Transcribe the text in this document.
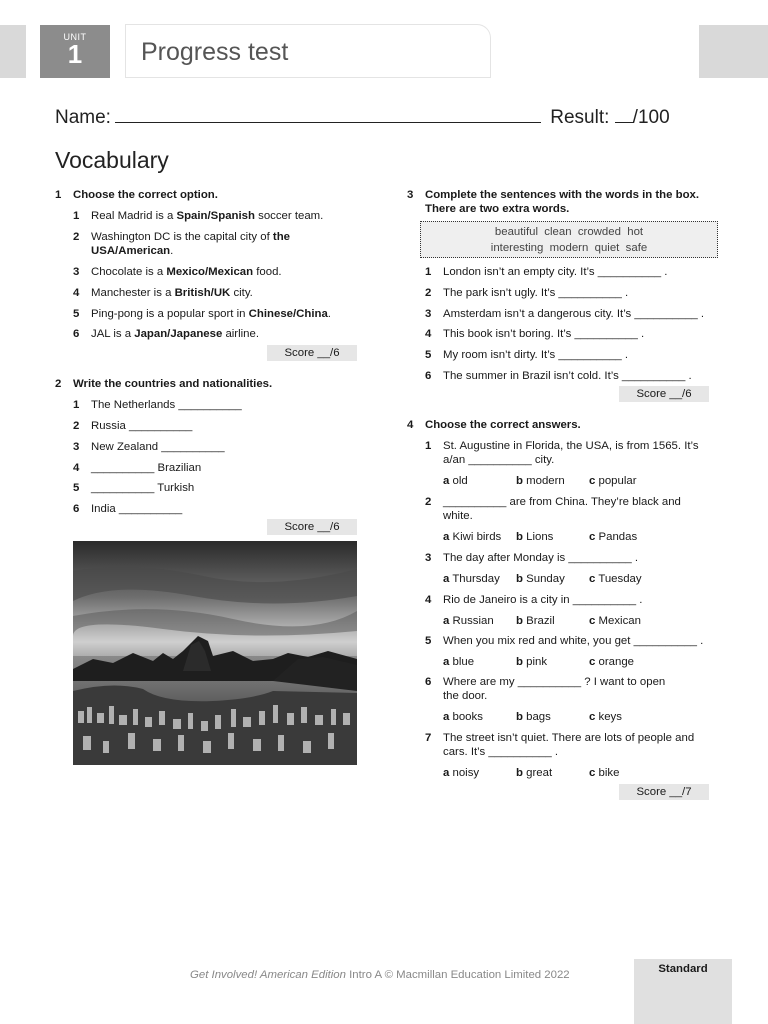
UNIT
1	Progress test
Name:	Result: /100
Vocabulary
1 Choose the correct option.
1 Real Madrid is a Spain/Spanish soccer team.
2 Washington DC is the capital city of the USA/American.
3 Chocolate is a Mexico/Mexican food.
4 Manchester is a British/UK city.
5 Ping-pong is a popular sport in Chinese/China.
6 JAL is a Japan/Japanese airline.
Score __/6
2 Write the countries and nationalities.
1 The Netherlands __________
2 Russia __________
3 New Zealand __________
4 __________ Brazilian
5 __________ Turkish
6 India __________
Score __/6
3 Complete the sentences with the words in the box.
There are two extra words.
beautiful  clean  crowded  hot
interesting  modern  quiet  safe
1 London isn’t an empty city. It’s __________ .
2 The park isn’t ugly. It’s __________ .
3 Amsterdam isn’t a dangerous city. It’s __________ .
4 This book isn’t boring. It’s __________ .
5 My room isn’t dirty. It’s __________ .
6 The summer in Brazil isn’t cold. It’s __________ .
Score __/6
4 Choose the correct answers.
1 St. Augustine in Florida, the USA, is from 1565. It’s
a/an __________ city.
a old	b modern c popular
2 __________ are from China. They’re black and
white.
a Kiwi birds b Lions	c Pandas
3 The day after Monday is __________ .
a Thursday b Sunday c Tuesday
4 Rio de Janeiro is a city in __________ .
a Russian b Brazil	c Mexican
5 When you mix red and white, you get __________ .
a blue	b pink	c orange
6 Where are my __________ ? I want to open
the door.
a books	b bags	c keys
7 The street isn’t quiet. There are lots of people and
cars. It’s __________ .
a noisy	b great	c bike
Score __/7
Get Involved! American Edition Intro A © Macmillan Education Limited 2022	Standard
